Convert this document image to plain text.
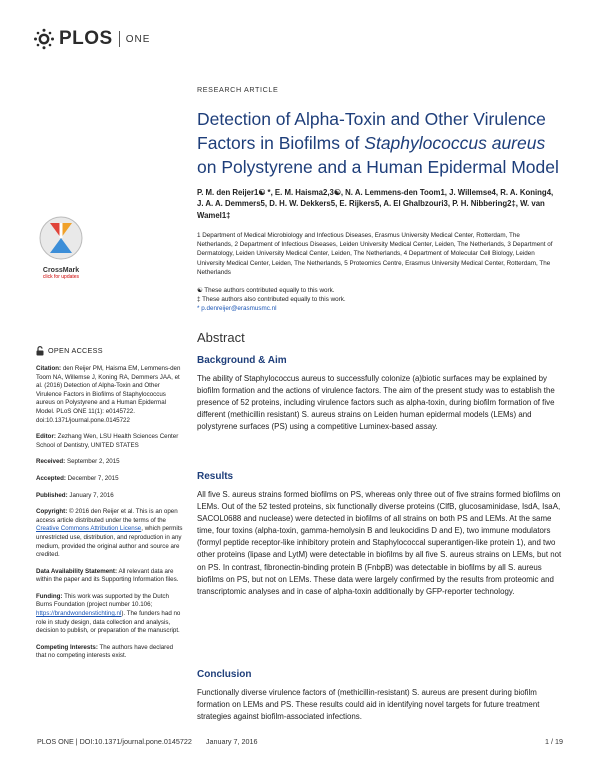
PLOS ONE
CrossMark
click for updates
OPEN ACCESS

Citation: den Reijer PM, Haisma EM, Lemmens-den Toom NA, Willemse J, Koning RA, Demmers JAA, et al. (2016) Detection of Alpha-Toxin and Other Virulence Factors in Biofilms of Staphylococcus aureus on Polystyrene and a Human Epidermal Model. PLoS ONE 11(1): e0145722. doi:10.1371/journal.pone.0145722

Editor: Zezhang Wen, LSU Health Sciences Center School of Dentistry, UNITED STATES

Received: September 2, 2015

Accepted: December 7, 2015

Published: January 7, 2016

Copyright: © 2016 den Reijer et al. This is an open access article distributed under the terms of the Creative Commons Attribution License, which permits unrestricted use, distribution, and reproduction in any medium, provided the original author and source are credited.

Data Availability Statement: All relevant data are within the paper and its Supporting Information files.

Funding: This work was supported by the Dutch Burns Foundation (project number 10.106; https://brandwondenstichting.nl). The funders had no role in study design, data collection and analysis, decision to publish, or preparation of the manuscript.

Competing Interests: The authors have declared that no competing interests exist.

RESEARCH ARTICLE
Detection of Alpha-Toxin and Other Virulence Factors in Biofilms of Staphylococcus aureus on Polystyrene and a Human Epidermal Model
P. M. den Reijer1☯ *, E. M. Haisma2,3☯, N. A. Lemmens-den Toom1, J. Willemse4, R. A. Koning4, J. A. A. Demmers5, D. H. W. Dekkers5, E. Rijkers5, A. El Ghalbzouri3, P. H. Nibbering2‡, W. van Wamel1‡
1 Department of Medical Microbiology and Infectious Diseases, Erasmus University Medical Center, Rotterdam, The Netherlands, 2 Department of Infectious Diseases, Leiden University Medical Center, Leiden, The Netherlands, 3 Department of Dermatology, Leiden University Medical Center, Leiden, The Netherlands, 4 Department of Molecular Cell Biology, Leiden University Medical Center, Leiden, The Netherlands, 5 Proteomics Centre, Erasmus University Medical Center, Rotterdam, The Netherlands
☯ These authors contributed equally to this work.
‡ These authors also contributed equally to this work.
* p.denreijer@erasmusmc.nl
Abstract
Background & Aim

The ability of Staphylococcus aureus to successfully colonize (a)biotic surfaces may be explained by biofilm formation and the actions of virulence factors. The aim of the present study was to establish the presence of 52 proteins, including virulence factors such as alpha-toxin, during biofilm formation of five different (methicillin resistant) S. aureus strains on Leiden human epidermal models (LEMs) and polystyrene surfaces (PS) using a competitive Luminex-based assay.

Results

All five S. aureus strains formed biofilms on PS, whereas only three out of five strains formed biofilms on LEMs. Out of the 52 tested proteins, six functionally diverse proteins (ClfB, glucosaminidase, IsdA, IsaA, SACOL0688 and nuclease) were detected in biofilms of all strains on both PS and LEMs. At the same time, four toxins (alpha-toxin, gamma-hemolysin B and leukocidins D and E), two immune modulators (formyl peptide receptor-like inhibitory protein and Staphylococcal superantigen-like protein 1), and two other proteins (lipase and LytM) were detectable in biofilms by all five S. aureus strains on LEMs, but not on PS. In contrast, fibronectin-binding protein B (FnbpB) was detectable in biofilms by all S. aureus biofilms on PS, but not on LEMs. These data were largely confirmed by the results from proteomic and transcriptomic analyses and in case of alpha-toxin additionally by GFP-reporter technology.

Conclusion

Functionally diverse virulence factors of (methicillin-resistant) S. aureus are present during biofilm formation on LEMs and PS. These results could aid in identifying novel targets for future treatment strategies against biofilm-associated infections.

PLOS ONE | DOI:10.1371/journal.pone.0145722 January 7, 2016	1 / 19
